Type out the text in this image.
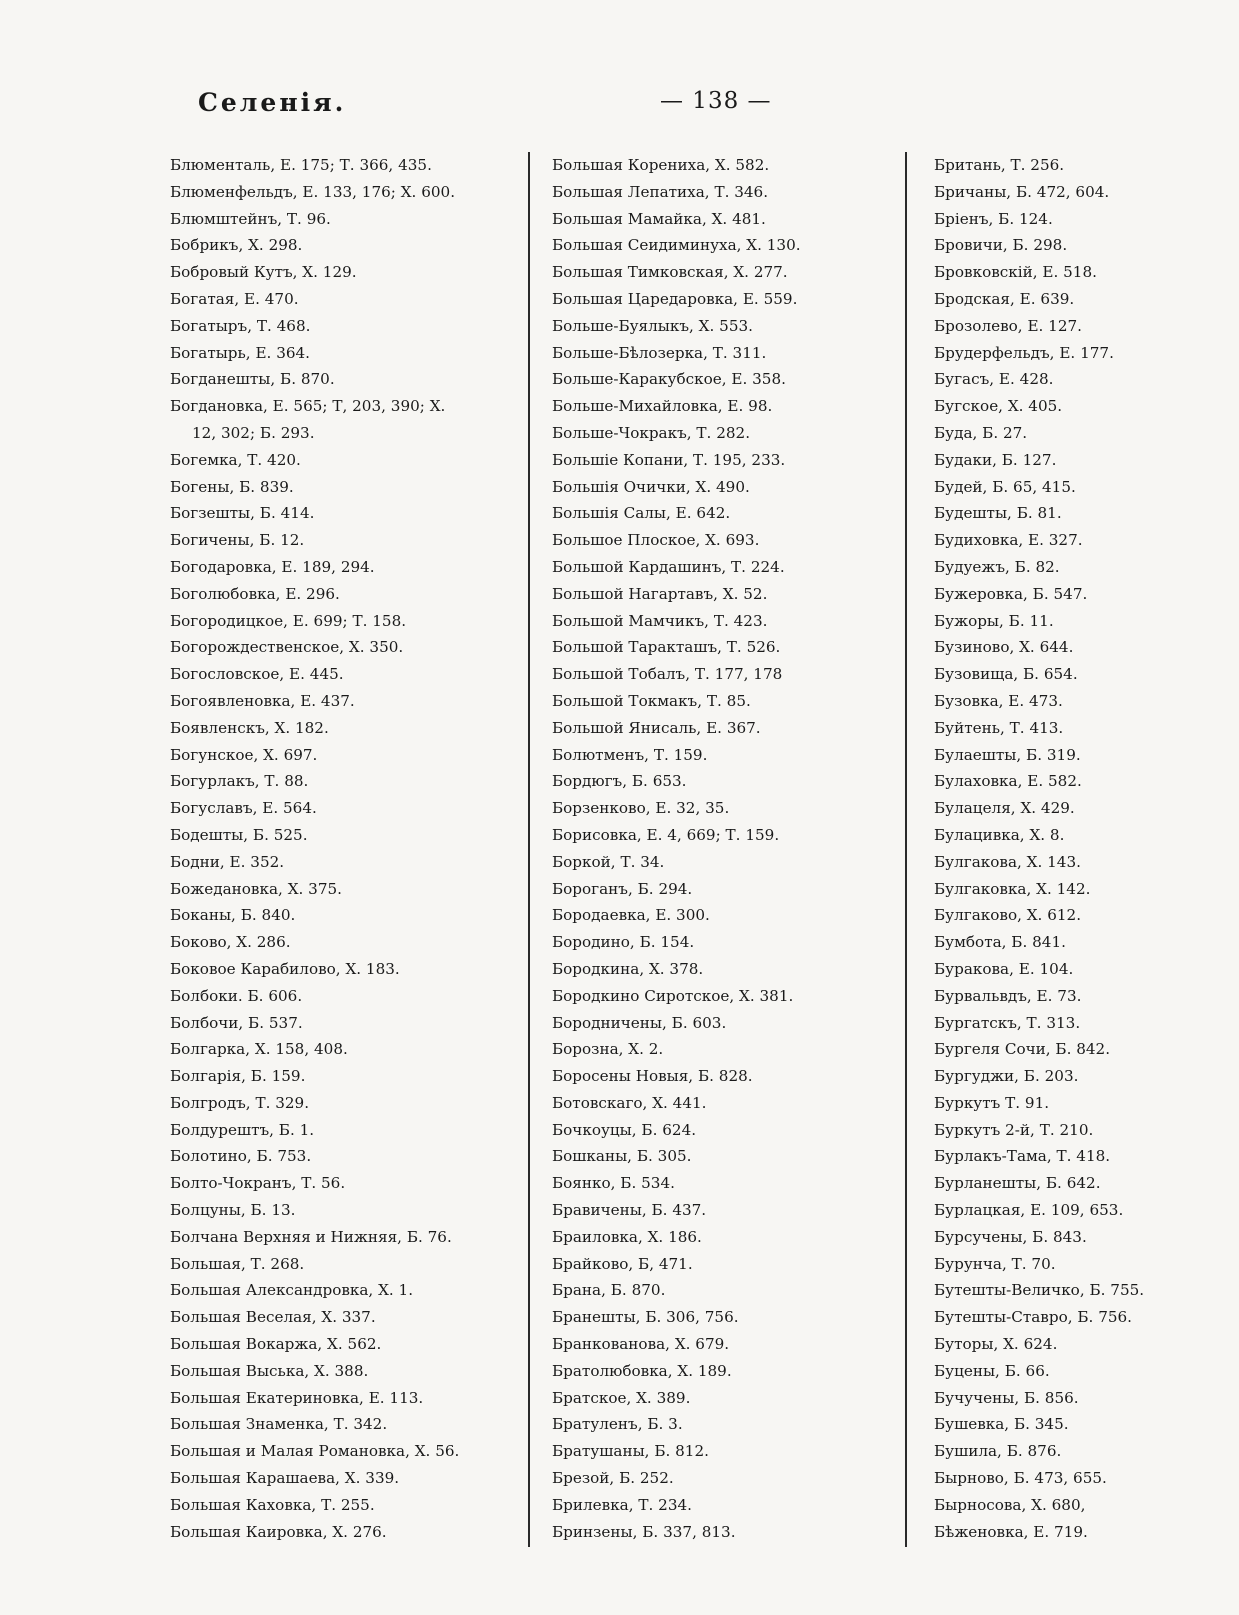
Селенія.	— 138 —
Блюменталь, Е. 175; Т. 366, 435.
Блюменфельдъ, Е. 133, 176; Х. 600.
Блюмштейнъ, Т. 96.
Бобрикъ, Х. 298.
Бобровый Кутъ, Х. 129.
Богатая, Е. 470.
Богатыръ, Т. 468.
Богатырь, Е. 364.
Богданешты, Б. 870.
Богдановка, Е. 565; Т, 203, 390; Х.
12, 302; Б. 293.
Богемка, Т. 420.
Богены, Б. 839.
Богзешты, Б. 414.
Богичены, Б. 12.
Богодаровка, Е. 189, 294.
Боголюбовка, Е. 296.
Богородицкое, Е. 699; Т. 158.
Богорождественское, Х. 350.
Богословское, Е. 445.
Богоявленовка, Е. 437.
Боявленскъ, Х. 182.
Богунское, Х. 697.
Богурлакъ, Т. 88.
Богуславъ, Е. 564.
Бодешты, Б. 525.
Бодни, Е. 352.
Божедановка, Х. 375.
Боканы, Б. 840.
Боково, Х. 286.
Боковое Карабилово, Х. 183.
Болбоки. Б. 606.
Болбочи, Б. 537.
Болгарка, Х. 158, 408.
Болгарія, Б. 159.
Болгродъ, Т. 329.
Болдурештъ, Б. 1.
Болотино, Б. 753.
Болто-Чокранъ, Т. 56.
Болцуны, Б. 13.
Болчана Верхняя и Нижняя, Б. 76.
Большая, Т. 268.
Большая Александровка, Х. 1.
Большая Веселая, Х. 337.
Большая Вокаржа, Х. 562.
Большая Выська, Х. 388.
Большая Екатериновка, Е. 113.
Большая Знаменка, Т. 342.
Большая и Малая Романовка, Х. 56.
Большая Карашаева, Х. 339.
Большая Каховка, Т. 255.
Большая Каировка, Х. 276.
Большая Корениха, Х. 582.
Большая Лепатиха, Т. 346.
Большая Мамайка, Х. 481.
Большая Сеидиминуха, Х. 130.
Большая Тимковская, Х. 277.
Большая Царедаровка, Е. 559.
Больше-Буялыкъ, Х. 553.
Больше-Бѣлозерка, Т. 311.
Больше-Каракубское, Е. 358.
Больше-Михайловка, Е. 98.
Больше-Чокракъ, Т. 282.
Большіе Копани, Т. 195, 233.
Большія Очички, Х. 490.
Большія Салы, Е. 642.
Большое Плоское, Х. 693.
Большой Кардашинъ, Т. 224.
Большой Нагартавъ, Х. 52.
Большой Мамчикъ, Т. 423.
Большой Таракташъ, Т. 526.
Большой Тобалъ, Т. 177, 178
Большой Токмакъ, Т. 85.
Большой Янисаль, Е. 367.
Болютменъ, Т. 159.
Бордюгъ, Б. 653.
Борзенково, Е. 32, 35.
Борисовка, Е. 4, 669; Т. 159.
Боркой, Т. 34.
Бороганъ, Б. 294.
Бородаевка, Е. 300.
Бородино, Б. 154.
Бородкина, Х. 378.
Бородкино Сиротское, Х. 381.
Бородничены, Б. 603.
Борозна, Х. 2.
Боросены Новыя, Б. 828.
Ботовскаго, Х. 441.
Бочкоуцы, Б. 624.
Бошканы, Б. 305.
Боянко, Б. 534.
Бравичены, Б. 437.
Браиловка, Х. 186.
Брайково, Б, 471.
Брана, Б. 870.
Бранешты, Б. 306, 756.
Бранкованова, Х. 679.
Братолюбовка, Х. 189.
Братское, Х. 389.
Братуленъ, Б. 3.
Братушаны, Б. 812.
Брезой, Б. 252.
Брилевка, Т. 234.
Бринзены, Б. 337, 813.
Британь, Т. 256.
Бричаны, Б. 472, 604.
Бріенъ, Б. 124.
Бровичи, Б. 298.
Бровковскій, Е. 518.
Бродская, Е. 639.
Брозолево, Е. 127.
Брудерфельдъ, Е. 177.
Бугасъ, Е. 428.
Бугское, Х. 405.
Буда, Б. 27.
Будаки, Б. 127.
Будей, Б. 65, 415.
Будешты, Б. 81.
Будиховка, Е. 327.
Будуежъ, Б. 82.
Бужеровка, Б. 547.
Бужоры, Б. 11.
Бузиново, Х. 644.
Бузовища, Б. 654.
Бузовка, Е. 473.
Буйтень, Т. 413.
Булаешты, Б. 319.
Булаховка, Е. 582.
Булацеля, Х. 429.
Булацивка, Х. 8.
Булгакова, Х. 143.
Булгаковка, Х. 142.
Булгаково, Х. 612.
Бумбота, Б. 841.
Буракова, Е. 104.
Бурвальвдъ, Е. 73.
Бургатскъ, Т. 313.
Бургеля Сочи, Б. 842.
Бургуджи, Б. 203.
Буркутъ Т. 91.
Буркутъ 2-й, Т. 210.
Бурлакъ-Тама, Т. 418.
Бурланешты, Б. 642.
Бурлацкая, Е. 109, 653.
Бурсучены, Б. 843.
Бурунча, Т. 70.
Бутешты-Величко, Б. 755.
Бутешты-Ставро, Б. 756.
Буторы, Х. 624.
Буцены, Б. 66.
Бучучены, Б. 856.
Бушевка, Б. 345.
Бушила, Б. 876.
Бырново, Б. 473, 655.
Бырносова, Х. 680,
Бѣженовка, Е. 719.
